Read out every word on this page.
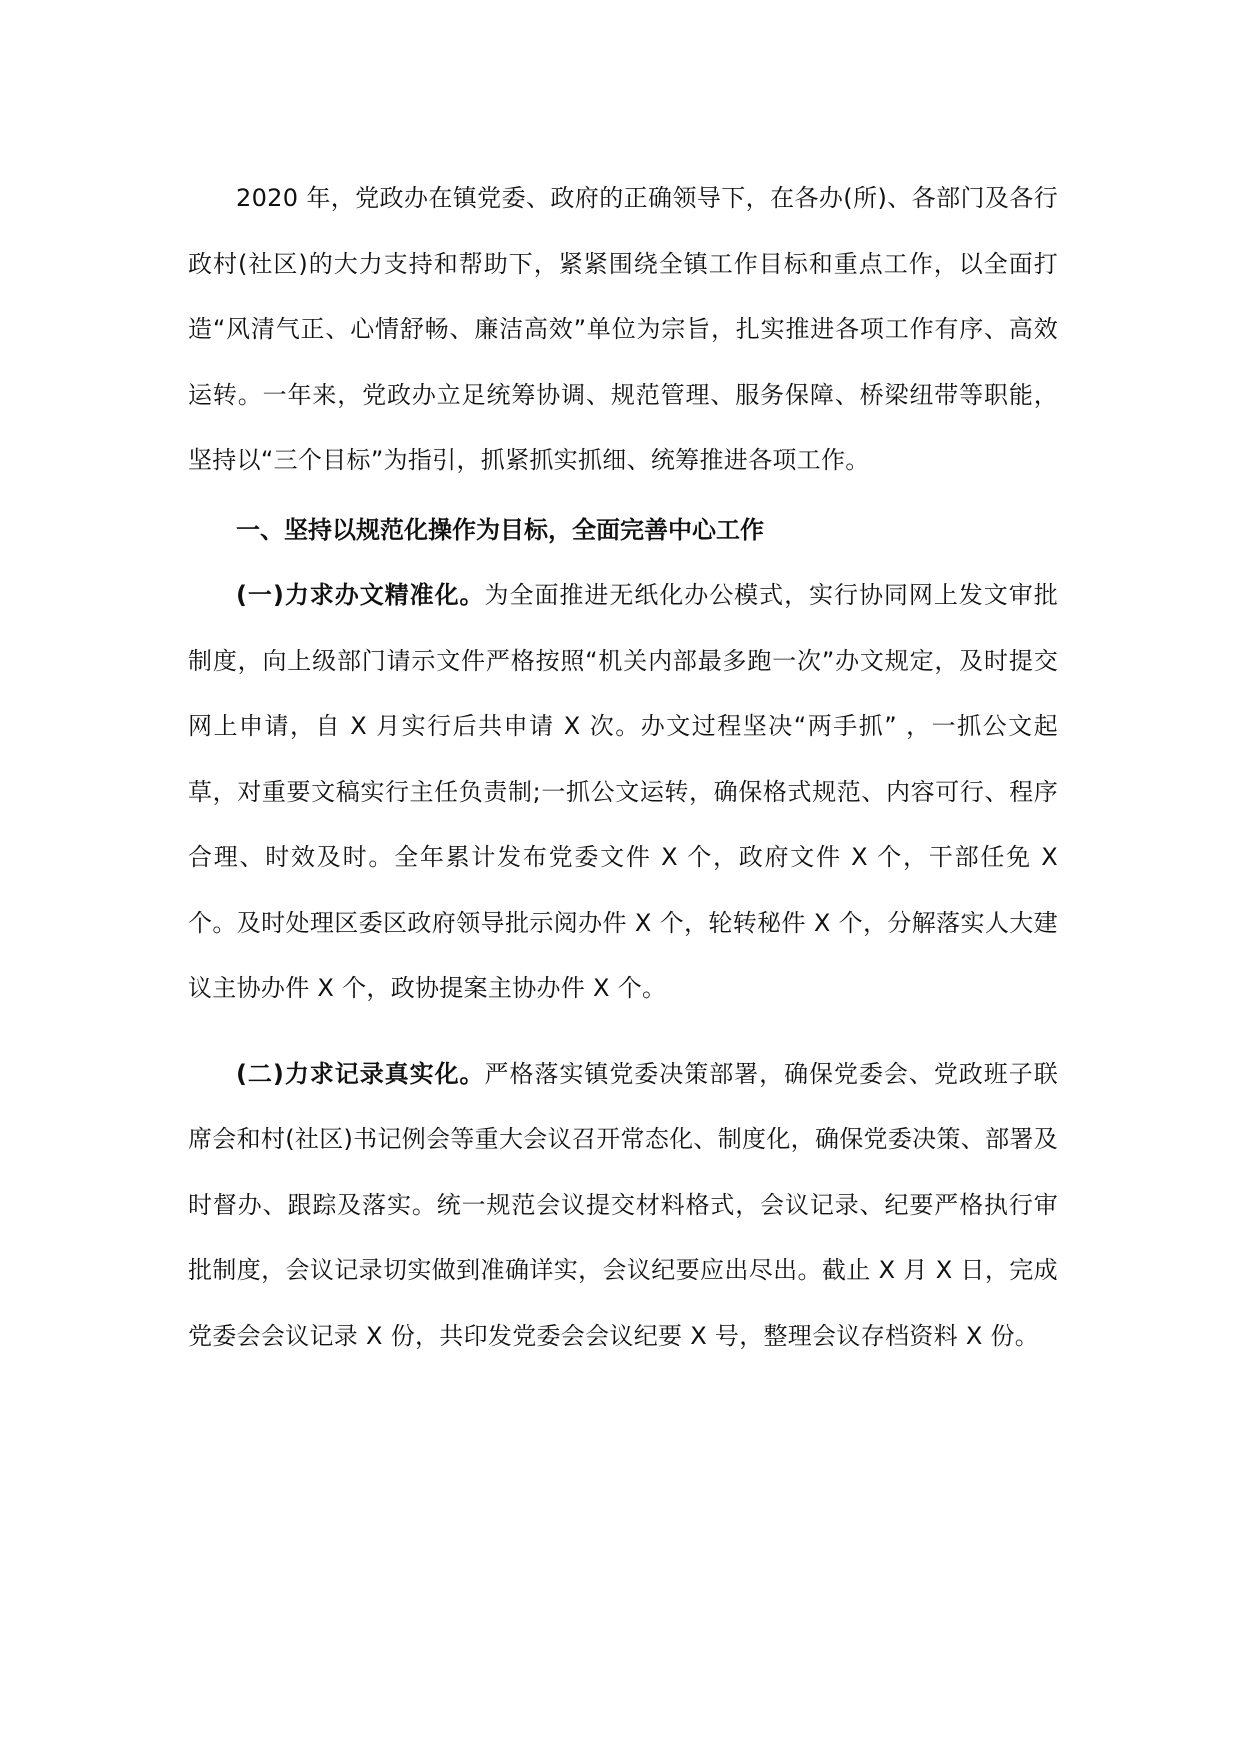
2020 年，党政办在镇党委、政府的正确领导下，在各办(所)、各部门及各行政村(社区)的大力支持和帮助下，紧紧围绕全镇工作目标和重点工作，以全面打造“风清气正、心情舒畅、廉洁高效”单位为宗旨，扎实推进各项工作有序、高效运转。一年来，党政办立足统筹协调、规范管理、服务保障、桥梁纽带等职能，坚持以“三个目标”为指引，抓紧抓实抓细、统筹推进各项工作。

一、坚持以规范化操作为目标，全面完善中心工作

(一)力求办文精准化。为全面推进无纸化办公模式，实行协同网上发文审批制度，向上级部门请示文件严格按照“机关内部最多跑一次”办文规定，及时提交网上申请，自 X 月实行后共申请 X 次。办文过程坚决“两手抓” ，一抓公文起草，对重要文稿实行主任负责制;一抓公文运转，确保格式规范、内容可行、程序合理、时效及时。全年累计发布党委文件 X 个，政府文件 X 个，干部任免 X 个。及时处理区委区政府领导批示阅办件 X 个，轮转秘件 X 个，分解落实人大建议主协办件 X 个，政协提案主协办件 X 个。

(二)力求记录真实化。严格落实镇党委决策部署，确保党委会、党政班子联席会和村(社区)书记例会等重大会议召开常态化、制度化，确保党委决策、部署及时督办、跟踪及落实。统一规范会议提交材料格式，会议记录、纪要严格执行审批制度，会议记录切实做到准确详实，会议纪要应出尽出。截止 X 月 X 日，完成党委会会议记录 X 份，共印发党委会会议纪要 X 号，整理会议存档资料 X 份。
